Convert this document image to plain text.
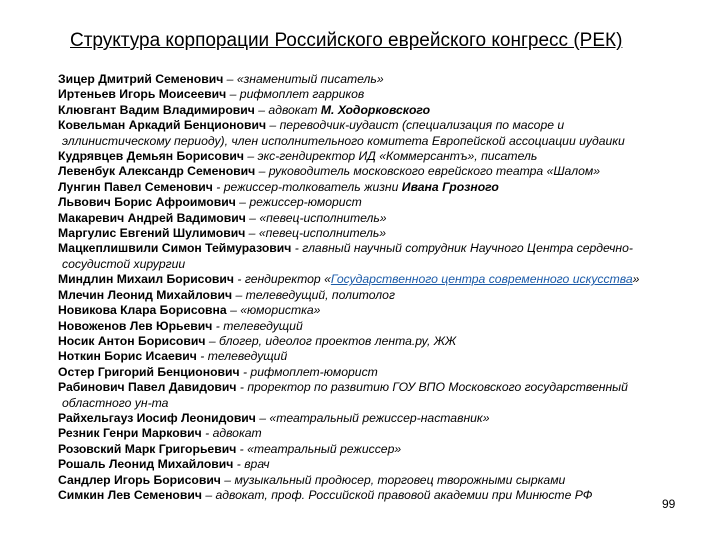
Структура корпорации Российского еврейского конгресс (РЕК)

Зицер Дмитрий Семенович – «знаменитый писатель»

Иртеньев Игорь Моисеевич – рифмоплет гарриков

Клювгант Вадим Владимирович – адвокат М. Ходорковского

Ковельман Аркадий Бенционович – переводчик-иудаист (специализация по масоре и эллинистическому периоду), член исполнительного комитета Европейской ассоциации иудаики

Кудрявцев Демьян Борисович – экс-гендиректор ИД «Коммерсантъ», писатель

Левенбук Александр Семенович – руководитель московского еврейского театра «Шалом»

Лунгин Павел Семенович - режиссер-толкователь жизни Ивана Грозного

Львович Борис Афроимович – режиссер-юморист

Макаревич Андрей Вадимович – «певец-исполнитель»

Маргулис Евгений Шулимович – «певец-исполнитель»

Мацкеплишвили Симон Теймуразович - главный научный сотрудник Научного Центра сердечно-сосудистой хирургии

Миндлин Михаил Борисович - гендиректор «Государственного центра современного искусства»

Млечин Леонид Михайлович – телеведущий, политолог

Новикова Клара Борисовна – «юмористка»

Новоженов Лев Юрьевич - телеведущий

Носик Антон Борисович – блогер, идеолог проектов лента.ру, ЖЖ

Ноткин Борис Исаевич - телеведущий

Остер Григорий Бенционович - рифмоплет-юморист

Рабинович Павел Давидович - проректор по развитию ГОУ ВПО Московского государственный областного ун-та

Райхельгауз Иосиф Леонидович – «театральный режиссер-наставник»

Резник Генри Маркович - адвокат

Розовский Марк Григорьевич - «театральный режиссер»

Рошаль Леонид Михайлович - врач

Сандлер Игорь Борисович – музыкальный продюсер, торговец творожными сырками

Симкин Лев Семенович – адвокат, проф. Российской правовой академии при Минюсте РФ

99
